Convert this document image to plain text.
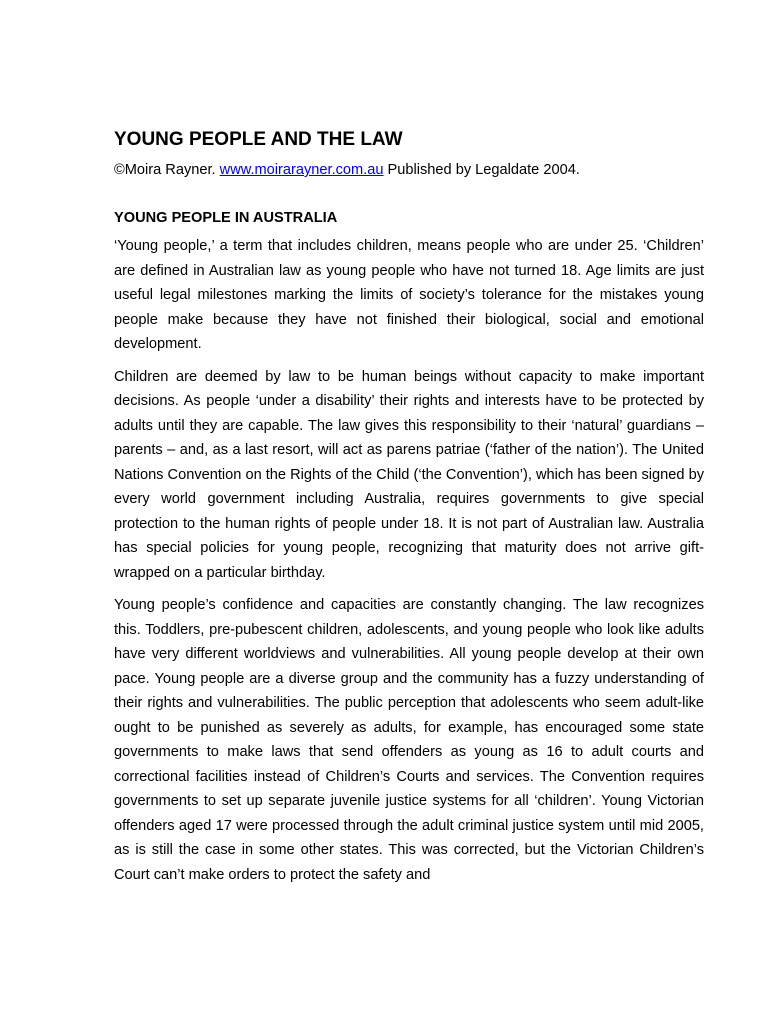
YOUNG PEOPLE AND THE LAW

©Moira Rayner. www.moirarayner.com.au Published by Legaldate 2004.

YOUNG PEOPLE IN AUSTRALIA

‘Young people,’ a term that includes children, means people who are under 25. ‘Children’ are defined in Australian law as young people who have not turned 18. Age limits are just useful legal milestones marking the limits of society’s tolerance for the mistakes young people make because they have not finished their biological, social and emotional development.

Children are deemed by law to be human beings without capacity to make important decisions. As people ‘under a disability’ their rights and interests have to be protected by adults until they are capable. The law gives this responsibility to their ‘natural’ guardians – parents – and, as a last resort, will act as parens patriae (‘father of the nation’). The United Nations Convention on the Rights of the Child (‘the Convention’), which has been signed by every world government including Australia, requires governments to give special protection to the human rights of people under 18. It is not part of Australian law. Australia has special policies for young people, recognizing that maturity does not arrive gift-wrapped on a particular birthday.

Young people’s confidence and capacities are constantly changing. The law recognizes this. Toddlers, pre-pubescent children, adolescents, and young people who look like adults have very different worldviews and vulnerabilities. All young people develop at their own pace. Young people are a diverse group and the community has a fuzzy understanding of their rights and vulnerabilities. The public perception that adolescents who seem adult-like ought to be punished as severely as adults, for example, has encouraged some state governments to make laws that send offenders as young as 16 to adult courts and correctional facilities instead of Children’s Courts and services. The Convention requires governments to set up separate juvenile justice systems for all ‘children’. Young Victorian offenders aged 17 were processed through the adult criminal justice system until mid 2005, as is still the case in some other states. This was corrected, but the Victorian Children’s Court can’t make orders to protect the safety and
